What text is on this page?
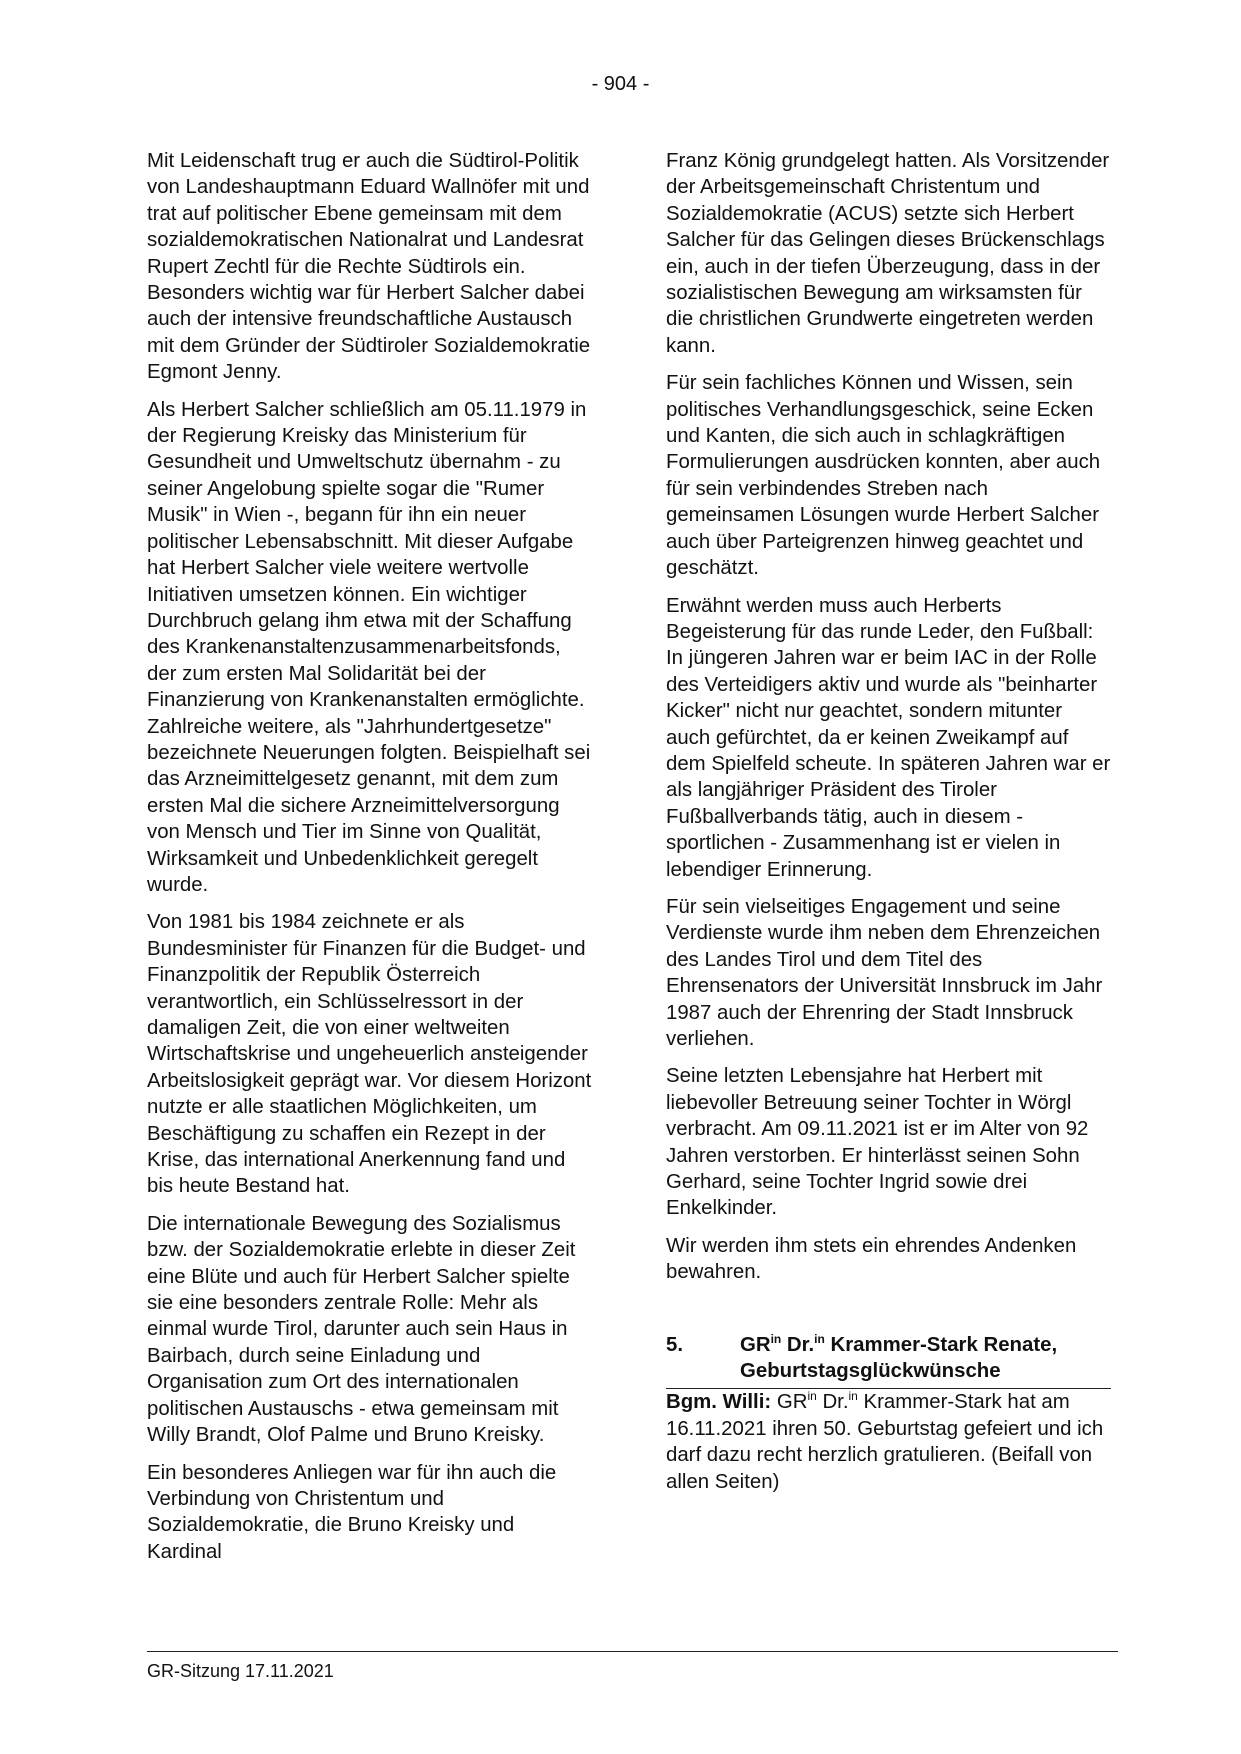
- 904 -

Mit Leidenschaft trug er auch die Südtirol-Politik von Landeshauptmann Eduard Wallnöfer mit und trat auf politischer Ebene gemeinsam mit dem sozialdemokratischen Nationalrat und Landesrat Rupert Zechtl für die Rechte Südtirols ein. Besonders wichtig war für Herbert Salcher dabei auch der intensive freundschaftliche Austausch mit dem Gründer der Südtiroler Sozialdemokratie Egmont Jenny.

Als Herbert Salcher schließlich am 05.11.1979 in der Regierung Kreisky das Ministerium für Gesundheit und Umweltschutz übernahm - zu seiner Angelobung spielte sogar die "Rumer Musik" in Wien -, begann für ihn ein neuer politischer Lebensabschnitt. Mit dieser Aufgabe hat Herbert Salcher viele weitere wertvolle Initiativen umsetzen können. Ein wichtiger Durchbruch gelang ihm etwa mit der Schaffung des Krankenanstaltenzusammenarbeitsfonds, der zum ersten Mal Solidarität bei der Finanzierung von Krankenanstalten ermöglichte. Zahlreiche weitere, als "Jahrhundertgesetze" bezeichnete Neuerungen folgten. Beispielhaft sei das Arzneimittelgesetz genannt, mit dem zum ersten Mal die sichere Arzneimittelversorgung von Mensch und Tier im Sinne von Qualität, Wirksamkeit und Unbedenklichkeit geregelt wurde.

Von 1981 bis 1984 zeichnete er als Bundesminister für Finanzen für die Budget- und Finanzpolitik der Republik Österreich verantwortlich, ein Schlüsselressort in der damaligen Zeit, die von einer weltweiten Wirtschaftskrise und ungeheuerlich ansteigender Arbeitslosigkeit geprägt war. Vor diesem Horizont nutzte er alle staatlichen Möglichkeiten, um Beschäftigung zu schaffen ein Rezept in der Krise, das international Anerkennung fand und bis heute Bestand hat.

Die internationale Bewegung des Sozialismus bzw. der Sozialdemokratie erlebte in dieser Zeit eine Blüte und auch für Herbert Salcher spielte sie eine besonders zentrale Rolle: Mehr als einmal wurde Tirol, darunter auch sein Haus in Bairbach, durch seine Einladung und Organisation zum Ort des internationalen politischen Austauschs - etwa gemeinsam mit Willy Brandt, Olof Palme und Bruno Kreisky.

Ein besonderes Anliegen war für ihn auch die Verbindung von Christentum und Sozialdemokratie, die Bruno Kreisky und Kardinal

Franz König grundgelegt hatten. Als Vorsitzender der Arbeitsgemeinschaft Christentum und Sozialdemokratie (ACUS) setzte sich Herbert Salcher für das Gelingen dieses Brückenschlags ein, auch in der tiefen Überzeugung, dass in der sozialistischen Bewegung am wirksamsten für die christlichen Grundwerte eingetreten werden kann.

Für sein fachliches Können und Wissen, sein politisches Verhandlungsgeschick, seine Ecken und Kanten, die sich auch in schlagkräftigen Formulierungen ausdrücken konnten, aber auch für sein verbindendes Streben nach gemeinsamen Lösungen wurde Herbert Salcher auch über Parteigrenzen hinweg geachtet und geschätzt.

Erwähnt werden muss auch Herberts Begeisterung für das runde Leder, den Fußball: In jüngeren Jahren war er beim IAC in der Rolle des Verteidigers aktiv und wurde als "beinharter Kicker" nicht nur geachtet, sondern mitunter auch gefürchtet, da er keinen Zweikampf auf dem Spielfeld scheute. In späteren Jahren war er als langjähriger Präsident des Tiroler Fußballverbands tätig, auch in diesem - sportlichen - Zusammenhang ist er vielen in lebendiger Erinnerung.

Für sein vielseitiges Engagement und seine Verdienste wurde ihm neben dem Ehrenzeichen des Landes Tirol und dem Titel des Ehrensenators der Universität Innsbruck im Jahr 1987 auch der Ehrenring der Stadt Innsbruck verliehen.

Seine letzten Lebensjahre hat Herbert mit liebevoller Betreuung seiner Tochter in Wörgl verbracht. Am 09.11.2021 ist er im Alter von 92 Jahren verstorben. Er hinterlässt seinen Sohn Gerhard, seine Tochter Ingrid sowie drei Enkelkinder.

Wir werden ihm stets ein ehrendes Andenken bewahren.

5.	$GR^{in}$ Dr.$^{in}$ Krammer-Stark Renate, Geburtstagsglückwünsche

Bgm. Willi: $GR^{in}$ Dr.$^{in}$ Krammer-Stark hat am 16.11.2021 ihren 50. Geburtstag gefeiert und ich darf dazu recht herzlich gratulieren. (Beifall von allen Seiten)

GR-Sitzung 17.11.2021
